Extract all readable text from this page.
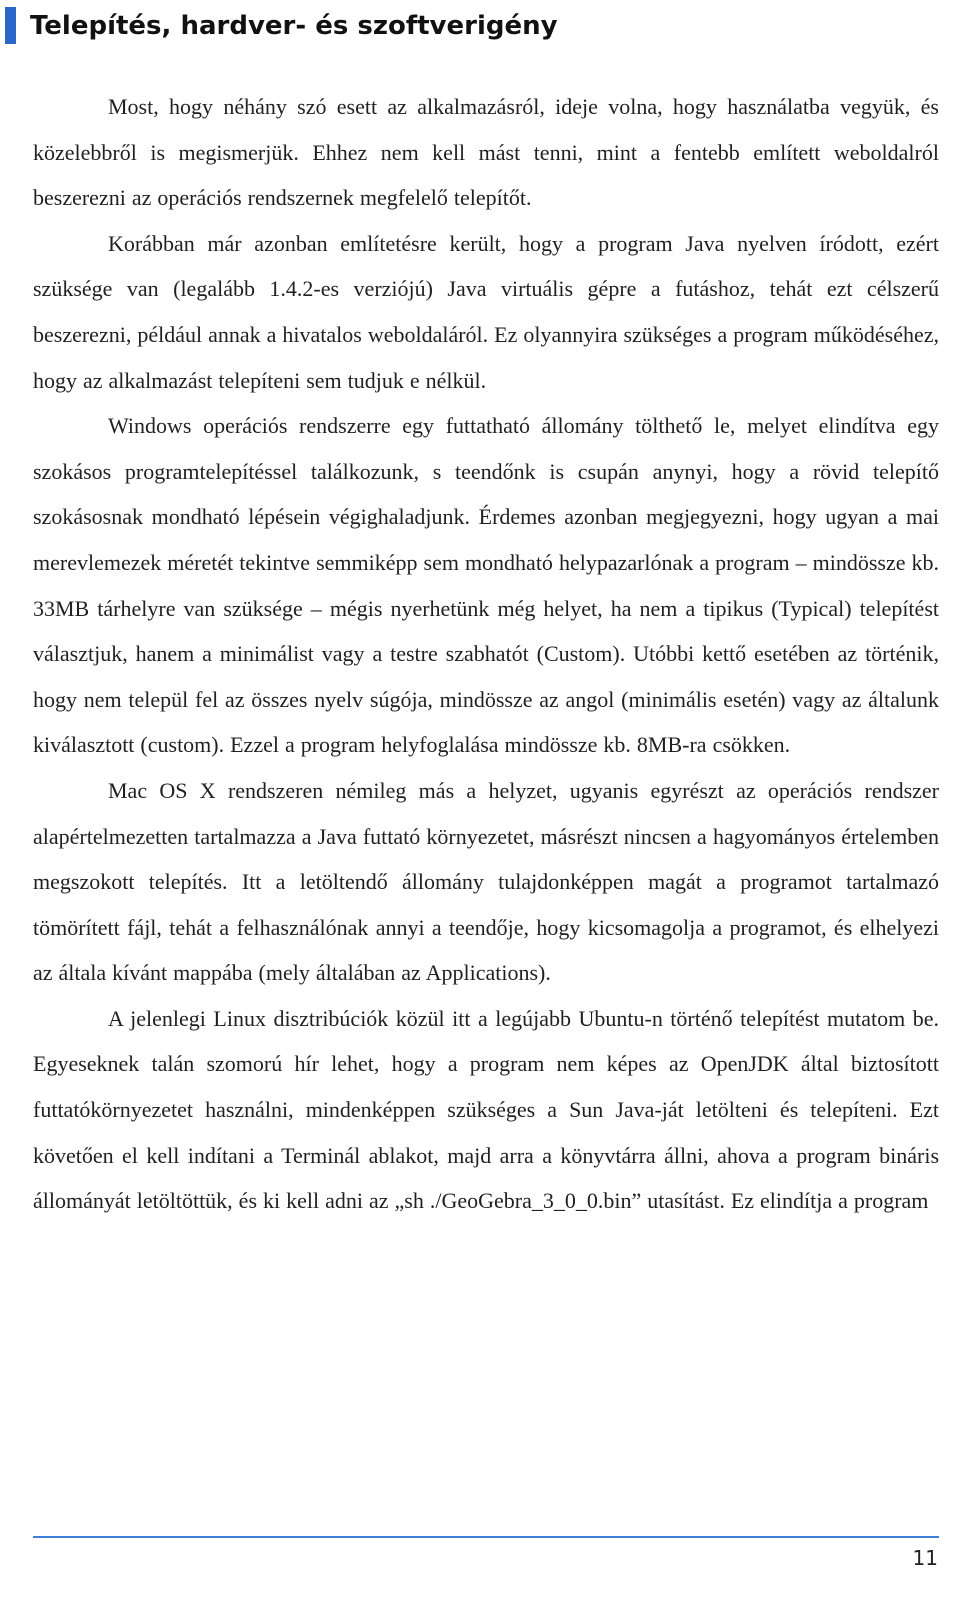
Telepítés, hardver- és szoftverigény

Most, hogy néhány szó esett az alkalmazásról, ideje volna, hogy használatba vegyük, és közelebbről is megismerjük. Ehhez nem kell mást tenni, mint a fentebb említett weboldalról beszerezni az operációs rendszernek megfelelő telepítőt.

Korábban már azonban említetésre került, hogy a program Java nyelven íródott, ezért szüksége van (legalább 1.4.2-es verziójú) Java virtuális gépre a futáshoz, tehát ezt célszerű beszerezni, például annak a hivatalos weboldaláról. Ez olyannyira szükséges a program működéséhez, hogy az alkalmazást telepíteni sem tudjuk e nélkül.

Windows operációs rendszerre egy futtatható állomány tölthető le, melyet elindítva egy szokásos programtelepítéssel találkozunk, s teendőnk is csupán anynyi, hogy a rövid telepítő szokásosnak mondható lépésein végighaladjunk. Érdemes azonban megjegyezni, hogy ugyan a mai merevlemezek méretét tekintve semmiképp sem mondható helypazarlónak a program – mindössze kb. 33MB tárhelyre van szüksége – mégis nyerhetünk még helyet, ha nem a tipikus (Typical) telepítést választjuk, hanem a minimálist vagy a testre szabhatót (Custom). Utóbbi kettő esetében az történik, hogy nem települ fel az összes nyelv súgója, mindössze az angol (minimális esetén) vagy az általunk kiválasztott (custom). Ezzel a program helyfoglalása mindössze kb. 8MB-ra csökken.

Mac OS X rendszeren némileg más a helyzet, ugyanis egyrészt az operációs rendszer alapértelmezetten tartalmazza a Java futtató környezetet, másrészt nincsen a hagyományos értelemben megszokott telepítés. Itt a letöltendő állomány tulajdonképpen magát a programot tartalmazó tömörített fájl, tehát a felhasználónak annyi a teendője, hogy kicsomagolja a programot, és elhelyezi az általa kívánt mappába (mely általában az Applications).

A jelenlegi Linux disztribúciók közül itt a legújabb Ubuntu-n történő telepítést mutatom be. Egyeseknek talán szomorú hír lehet, hogy a program nem képes az OpenJDK által biztosított futtatókörnyezetet használni, mindenképpen szükséges a Sun Java-ját letölteni és telepíteni. Ezt követően el kell indítani a Terminál ablakot, majd arra a könyvtárra állni, ahova a program bináris állományát letöltöttük, és ki kell adni az „sh ./GeoGebra_3_0_0.bin” utasítást. Ez elindítja a program

11
